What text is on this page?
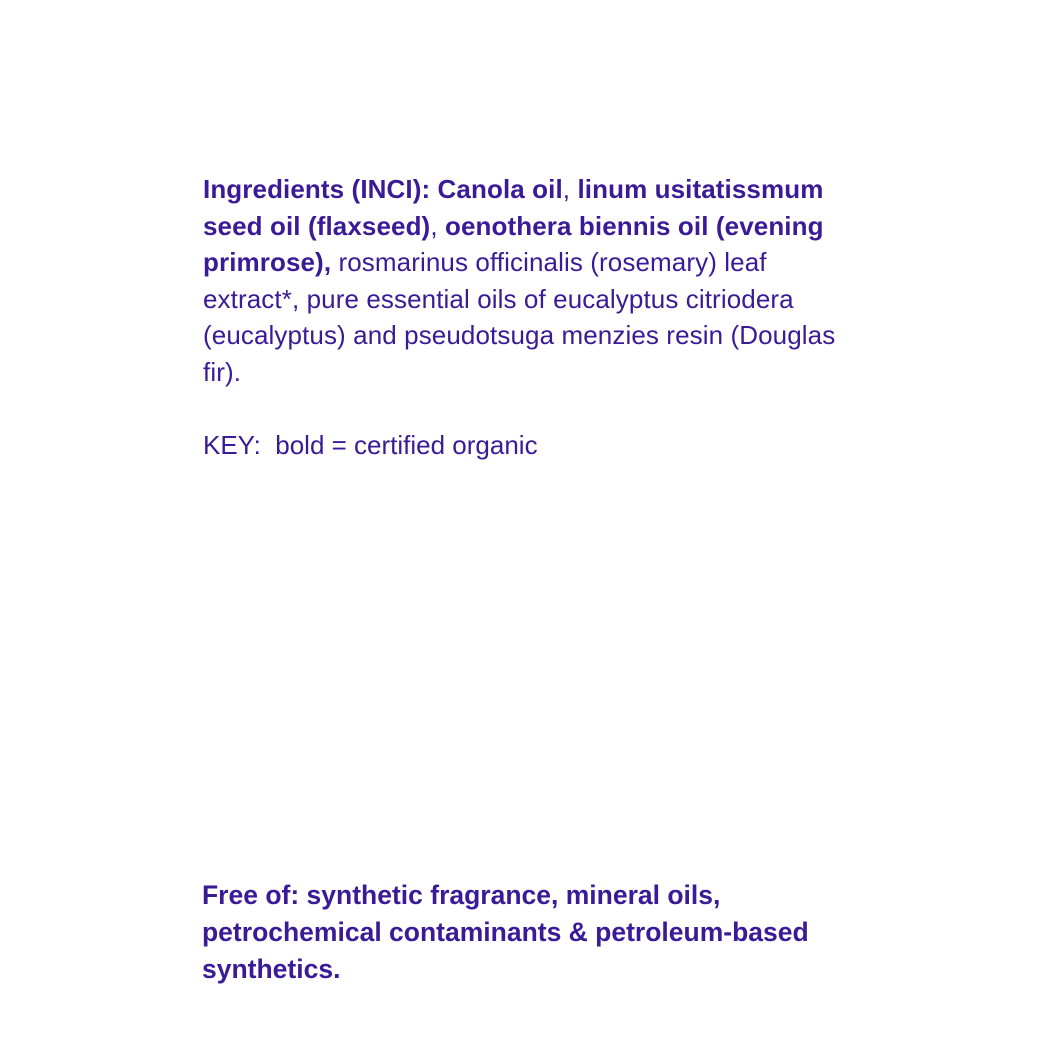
Ingredients (INCI): Canola oil, linum usitatissmum seed oil (flaxseed), oenothera biennis oil (evening primrose), rosmarinus officinalis (rosemary) leaf extract*, pure essential oils of eucalyptus citriodera (eucalyptus) and pseudotsuga menzies resin (Douglas fir).

KEY:  bold = certified organic

Free of: synthetic fragrance, mineral oils, petrochemical contaminants & petroleum-based synthetics.
